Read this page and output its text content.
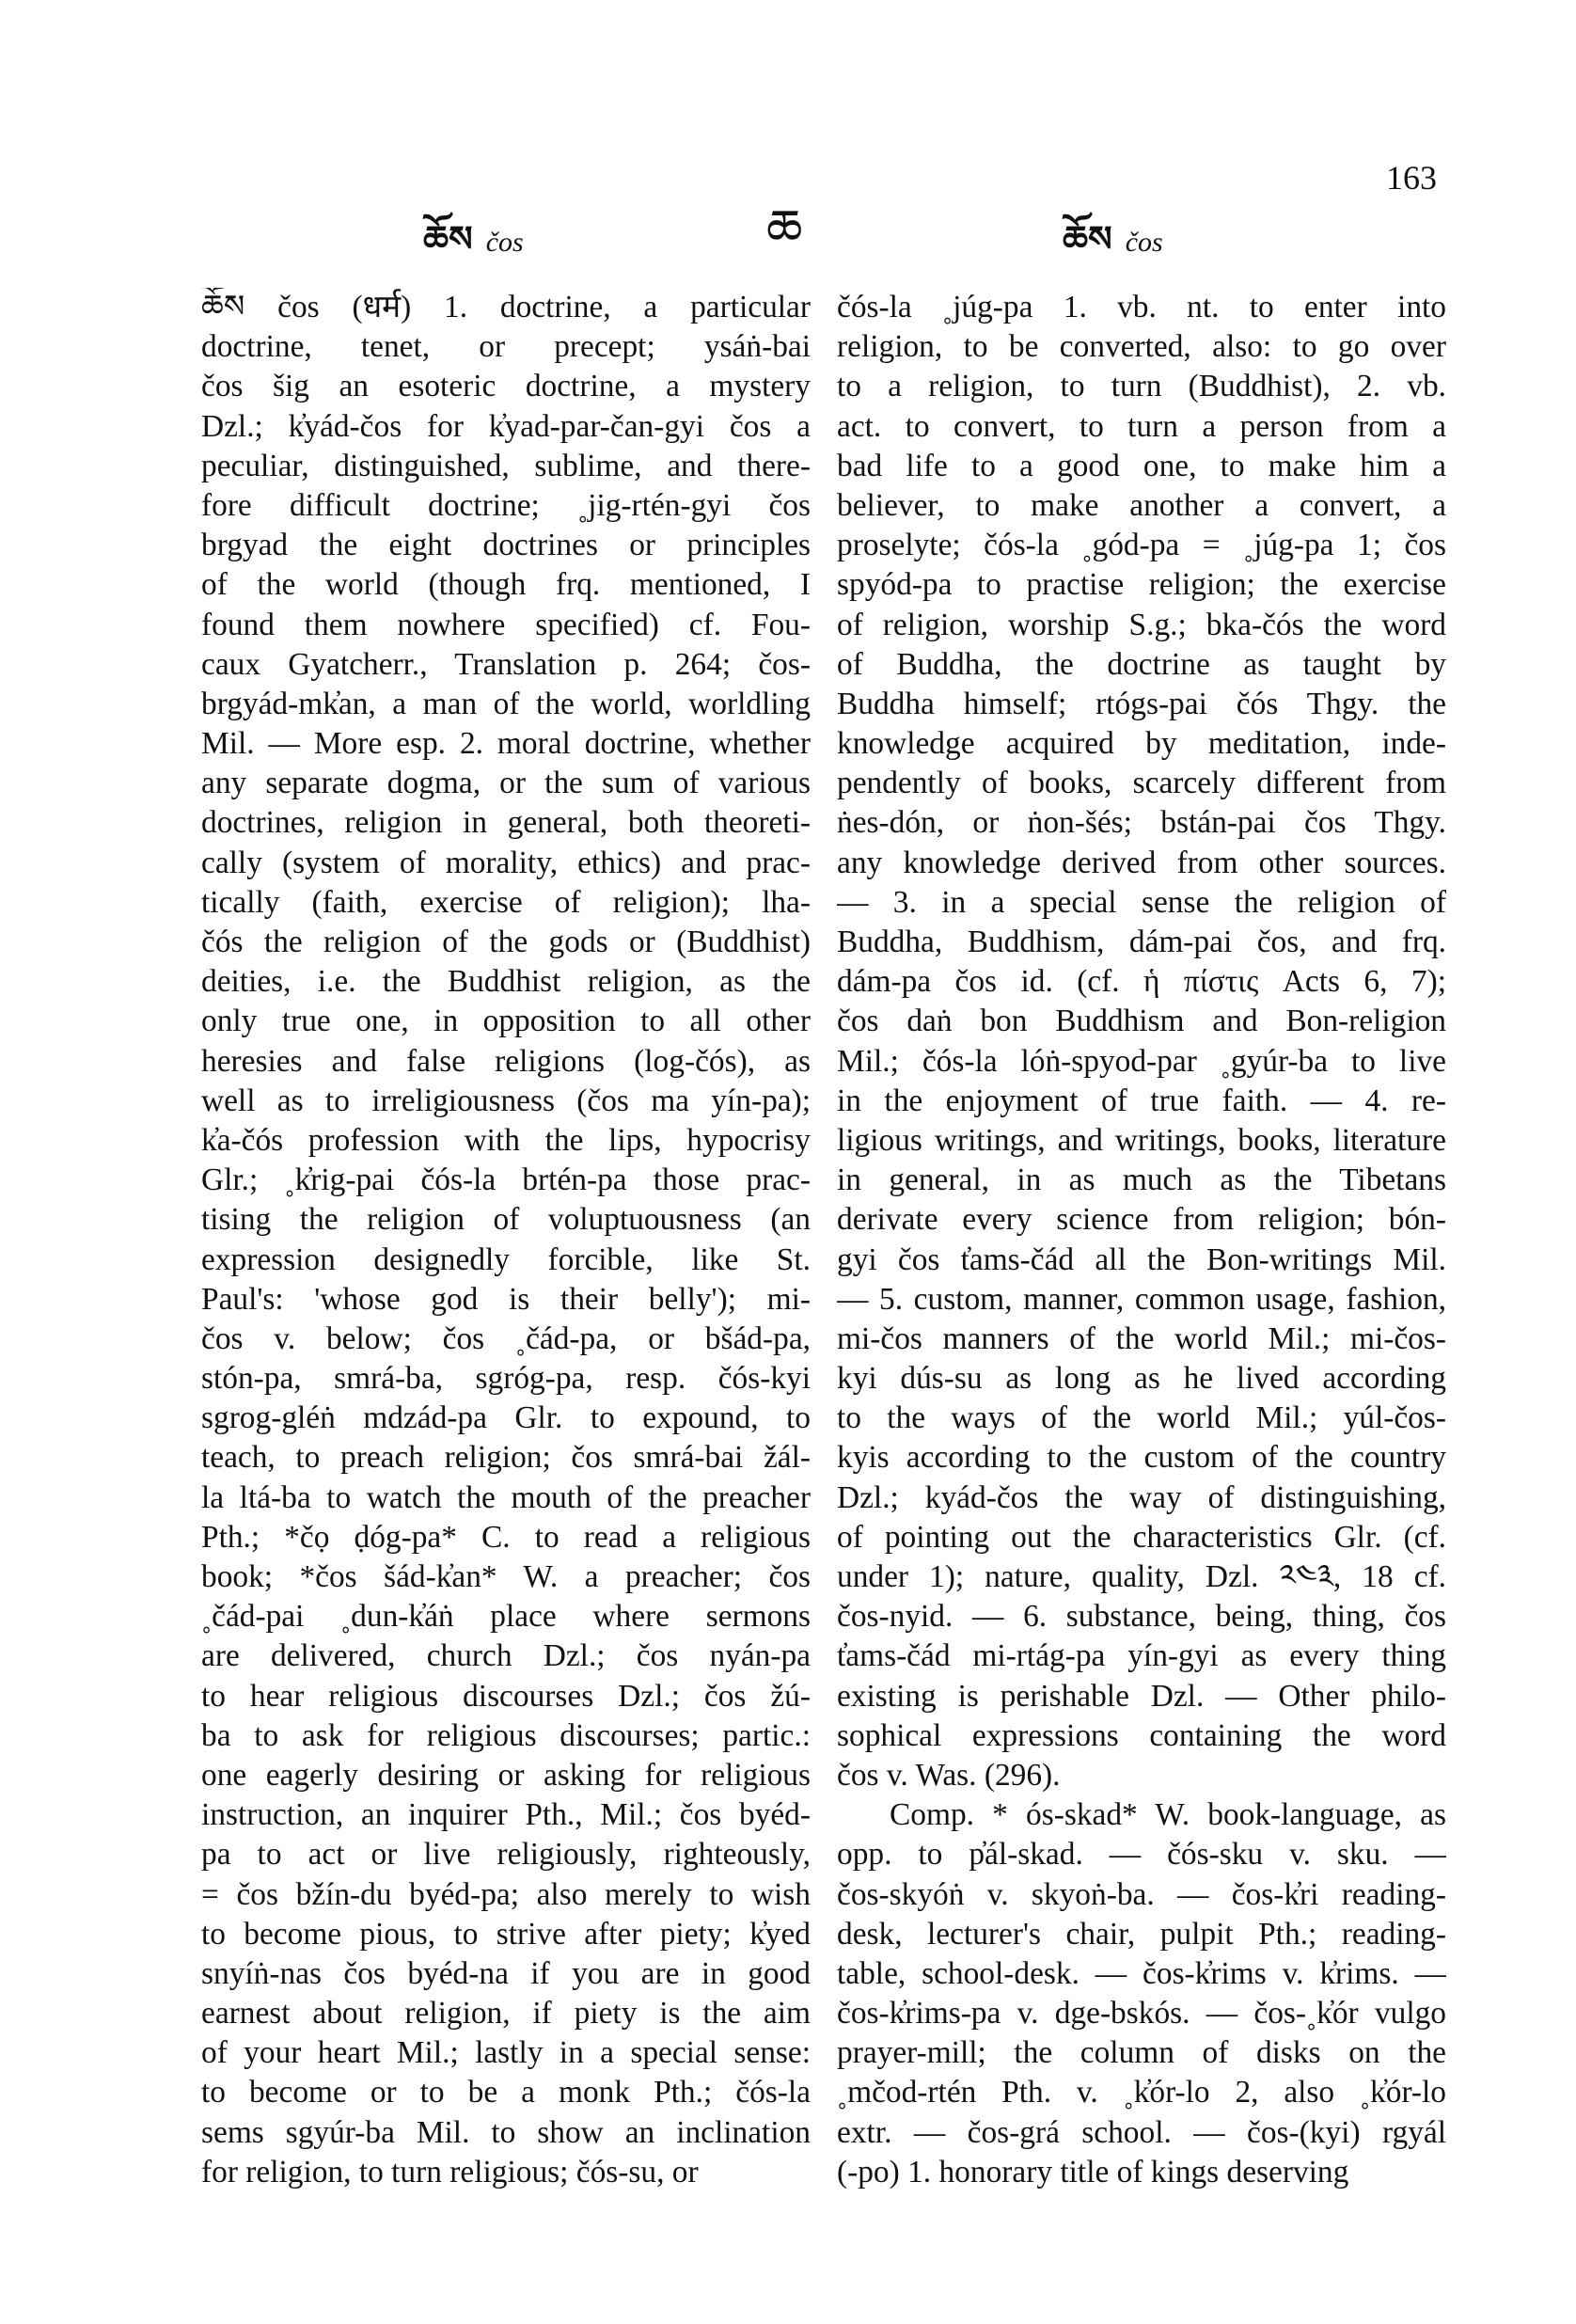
163
ཆ
ཆོས čos	ཆོས čos
ཆོས čos (धर्म) 1. doctrine, a particular
doctrine, tenet, or precept; ysáṅ-bai
čos šig an esoteric doctrine, a mystery
Dzl.; k̓yád-čos for k̓yad-par-čan-gyi čos a
peculiar, distinguished, sublime, and there-
fore difficult doctrine; ˳jig-rtén-gyi čos
brgyad the eight doctrines or principles
of the world (though frq. mentioned, I
found them nowhere specified) cf. Fou-
caux Gyatcherr., Translation p. 264; čos-
brgyád-mk̓an, a man of the world, worldling
Mil. — More esp. 2. moral doctrine, whether
any separate dogma, or the sum of various
doctrines, religion in general, both theoreti-
cally (system of morality, ethics) and prac-
tically (faith, exercise of religion); lha-
čós the religion of the gods or (Buddhist)
deities, i.e. the Buddhist religion, as the
only true one, in opposition to all other
heresies and false religions (log-čós), as
well as to irreligiousness (čos ma yín-pa);
k̓a-čós profession with the lips, hypocrisy
Glr.; ˳k̓rig-pai čós-la brtén-pa those prac-
tising the religion of voluptuousness (an
expression designedly forcible, like St.
Paul's: 'whose god is their belly'); mi-
čos v. below; čos ˳čád-pa, or bšád-pa,
stón-pa, smrá-ba, sgróg-pa, resp. čós-kyi
sgrog-gléṅ mdzád-pa Glr. to expound, to
teach, to preach religion; čos smrá-bai žál-
la ltá-ba to watch the mouth of the preacher
Pth.; *čọ ḍóg-pa* C. to read a religious
book; *čos šád-k̓an* W. a preacher; čos
˳čád-pai ˳dun-k̓áṅ place where sermons
are delivered, church Dzl.; čos nyán-pa
to hear religious discourses Dzl.; čos žú-
ba to ask for religious discourses; partic.:
one eagerly desiring or asking for religious
instruction, an inquirer Pth., Mil.; čos byéd-
pa to act or live religiously, righteously,
= čos bžín-du byéd-pa; also merely to wish
to become pious, to strive after piety; k̓yed
snyíṅ-nas čos byéd-na if you are in good
earnest about religion, if piety is the aim
of your heart Mil.; lastly in a special sense:
to become or to be a monk Pth.; čós-la
sems sgyúr-ba Mil. to show an inclination
for religion, to turn religious; čós-su, or
čós-la ˳júg-pa 1. vb. nt. to enter into
religion, to be converted, also: to go over
to a religion, to turn (Buddhist), 2. vb.
act. to convert, to turn a person from a
bad life to a good one, to make him a
believer, to make another a convert, a
proselyte; čós-la ˳gód-pa = ˳júg-pa 1; čos
spyód-pa to practise religion; the exercise
of religion, worship S.g.; bka-čós the word
of Buddha, the doctrine as taught by
Buddha himself; rtógs-pai čós Thgy. the
knowledge acquired by meditation, inde-
pendently of books, scarcely different from
ṅes-dón, or ṅon-šés; bstán-pai čos Thgy.
any knowledge derived from other sources.
— 3. in a special sense the religion of
Buddha, Buddhism, dám-pai čos, and frq.
dám-pa čos id. (cf. ἡ πίστις Acts 6, 7);
čos daṅ bon Buddhism and Bon-religion
Mil.; čós-la lóṅ-spyod-par ˳gyúr-ba to live
in the enjoyment of true faith. — 4. re-
ligious writings, and writings, books, literature
in general, in as much as the Tibetans
derivate every science from religion; bón-
gyi čos t̓ams-čád all the Bon-writings Mil.
— 5. custom, manner, common usage, fashion,
mi-čos manners of the world Mil.; mi-čos-
kyi dús-su as long as he lived according
to the ways of the world Mil.; yúl-čos-
kyis according to the custom of the country
Dzl.; kyád-čos the way of distinguishing,
of pointing out the characteristics Glr. (cf.
under 1); nature, quality, Dzl. ༢༤༣, 18 cf.
čos-nyid. — 6. substance, being, thing, čos
t̓ams-čád mi-rtág-pa yín-gyi as every thing
existing is perishable Dzl. — Other philo-
sophical expressions containing the word
čos v. Was. (296).
Comp. * ós-skad* W. book-language, as
opp. to p̓ál-skad. — čós-sku v. sku. —
čos-skyóṅ v. skyoṅ-ba. — čos-k̓ri reading-
desk, lecturer's chair, pulpit Pth.; reading-
table, school-desk. — čos-k̓rims v. k̓rims. —
čos-k̓rims-pa v. dge-bskós. — čos-˳k̓ór vulgo
prayer-mill; the column of disks on the
˳mčod-rtén Pth. v. ˳k̓ór-lo 2, also ˳k̓ór-lo
extr. — čos-grá school. — čos-(kyi) rgyál
(-po) 1. honorary title of kings deserving
